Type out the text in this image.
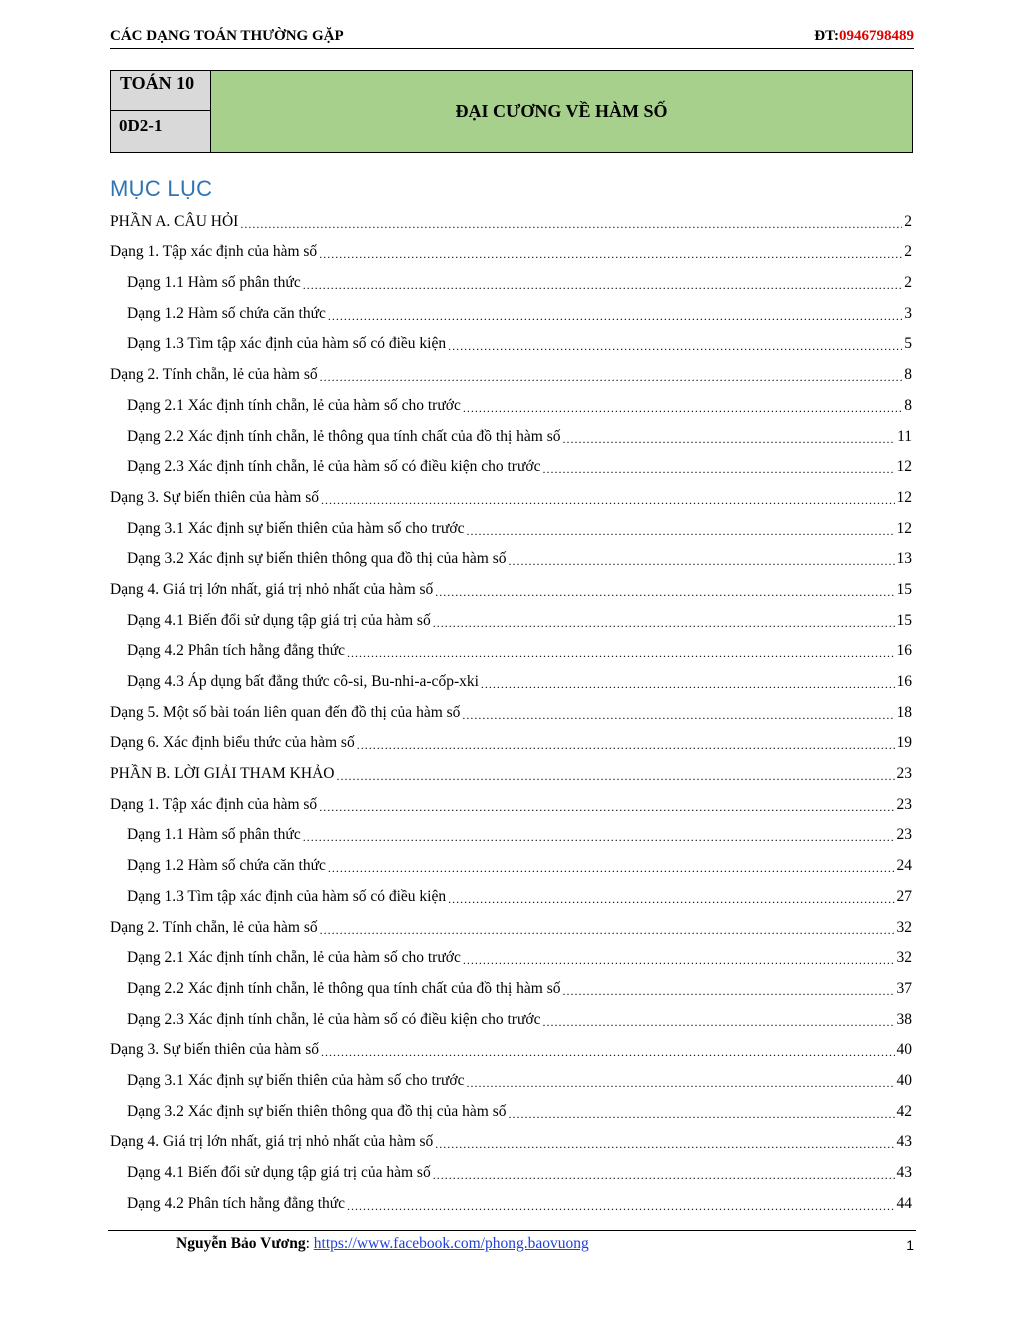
CÁC DẠNG TOÁN THƯỜNG GẶP	ĐT:0946798489
TOÁN 10
0D2-1
ĐẠI CƯƠNG VỀ HÀM SỐ
MỤC LỤC
PHẦN A. CÂU HỎI .....	2
Dạng 1. Tập xác định của hàm số .....	2
Dạng 1.1 Hàm số phân thức .....	2
Dạng 1.2 Hàm số chứa căn thức .....	3
Dạng 1.3 Tìm tập xác định của hàm số có điều kiện .....	5
Dạng 2. Tính chẵn, lẻ của hàm số .....	8
Dạng 2.1 Xác định tính chẵn, lẻ của hàm số cho trước .....	8
Dạng 2.2 Xác định tính chẵn, lẻ thông qua tính chất của đồ thị hàm số .....	11
Dạng 2.3 Xác định tính chẵn, lẻ của hàm số có điều kiện cho trước .....	12
Dạng 3. Sự biến thiên của hàm số .....	12
Dạng 3.1 Xác định sự biến thiên của hàm số cho trước .....	12
Dạng 3.2 Xác định sự biến thiên thông qua đồ thị của hàm số .....	13
Dạng 4. Giá trị lớn nhất, giá trị nhỏ nhất của hàm số .....	15
Dạng 4.1 Biến đổi sử dụng tập giá trị của hàm số .....	15
Dạng 4.2 Phân tích hằng đẳng thức .....	16
Dạng 4.3 Áp dụng bất đẳng thức cô-si, Bu-nhi-a-cốp-xki .....	16
Dạng 5. Một số bài toán liên quan đến đồ thị của hàm số .....	18
Dạng 6. Xác định biểu thức của hàm số .....	19
PHẦN B. LỜI GIẢI THAM KHẢO .....	23
Dạng 1. Tập xác định của hàm số .....	23
Dạng 1.1 Hàm số phân thức .....	23
Dạng 1.2 Hàm số chứa căn thức .....	24
Dạng 1.3 Tìm tập xác định của hàm số có điều kiện .....	27
Dạng 2. Tính chẵn, lẻ của hàm số .....	32
Dạng 2.1 Xác định tính chẵn, lẻ của hàm số cho trước .....	32
Dạng 2.2 Xác định tính chẵn, lẻ thông qua tính chất của đồ thị hàm số .....	37
Dạng 2.3 Xác định tính chẵn, lẻ của hàm số có điều kiện cho trước .....	38
Dạng 3. Sự biến thiên của hàm số .....	40
Dạng 3.1 Xác định sự biến thiên của hàm số cho trước .....	40
Dạng 3.2 Xác định sự biến thiên thông qua đồ thị của hàm số .....	42
Dạng 4. Giá trị lớn nhất, giá trị nhỏ nhất của hàm số .....	43
Dạng 4.1 Biến đổi sử dụng tập giá trị của hàm số .....	43
Dạng 4.2 Phân tích hằng đẳng thức .....	44
Nguyễn Bảo Vương: https://www.facebook.com/phong.baovuong	1
